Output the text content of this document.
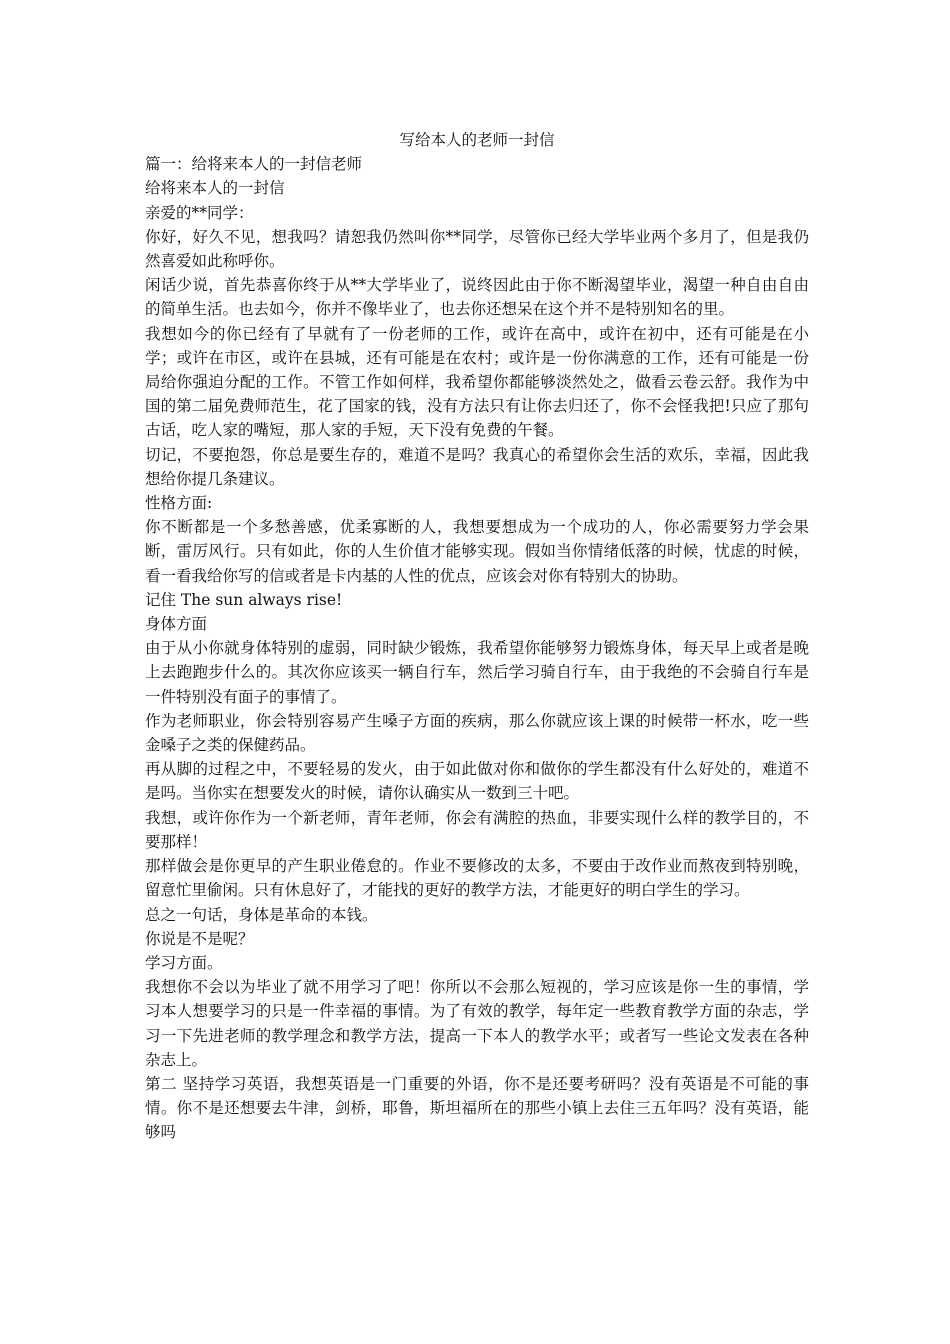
写给本人的老师一封信

篇一：给将来本人的一封信老师

给将来本人的一封信

亲爱的**同学：

你好，好久不见，想我吗？请恕我仍然叫你**同学，尽管你已经大学毕业两个多月了，但是我仍然喜爱如此称呼你。

闲话少说，首先恭喜你终于从**大学毕业了，说终因此由于你不断渴望毕业，渴望一种自由自由的简单生活。也去如今，你并不像毕业了，也去你还想呆在这个并不是特别知名的里。

我想如今的你已经有了早就有了一份老师的工作，或许在高中，或许在初中，还有可能是在小学；或许在市区，或许在县城，还有可能是在农村；或许是一份你满意的工作，还有可能是一份局给你强迫分配的工作。不管工作如何样，我希望你都能够淡然处之，做看云卷云舒。我作为中国的第二届免费师范生，花了国家的钱，没有方法只有让你去归还了，你不会怪我把!只应了那句古话，吃人家的嘴短，那人家的手短，天下没有免费的午餐。

切记，不要抱怨，你总是要生存的，难道不是吗？我真心的希望你会生活的欢乐，幸福，因此我想给你提几条建议。

性格方面:

你不断都是一个多愁善感，优柔寡断的人，我想要想成为一个成功的人，你必需要努力学会果断，雷厉风行。只有如此，你的人生价值才能够实现。假如当你情绪低落的时候，忧虑的时候，看一看我给你写的信或者是卡内基的人性的优点，应该会对你有特别大的协助。

记住 The sun always rise!

身体方面

由于从小你就身体特别的虚弱，同时缺少锻炼，我希望你能够努力锻炼身体，每天早上或者是晚上去跑跑步什么的。其次你应该买一辆自行车，然后学习骑自行车，由于我绝的不会骑自行车是一件特别没有面子的事情了。

作为老师职业，你会特别容易产生嗓子方面的疾病，那么你就应该上课的时候带一杯水，吃一些金嗓子之类的保健药品。

再从脚的过程之中，不要轻易的发火，由于如此做对你和做你的学生都没有什么好处的，难道不是吗。当你实在想要发火的时候，请你认确实从一数到三十吧。

我想，或许你作为一个新老师，青年老师，你会有满腔的热血，非要实现什么样的教学目的，不要那样！

那样做会是你更早的产生职业倦怠的。作业不要修改的太多，不要由于改作业而熬夜到特别晚，留意忙里偷闲。只有休息好了，才能找的更好的教学方法，才能更好的明白学生的学习。

总之一句话，身体是革命的本钱。

你说是不是呢？

学习方面。

我想你不会以为毕业了就不用学习了吧！你所以不会那么短视的，学习应该是你一生的事情，学习本人想要学习的只是一件幸福的事情。为了有效的教学，每年定一些教育教学方面的杂志，学习一下先进老师的教学理念和教学方法，提高一下本人的教学水平；或者写一些论文发表在各种杂志上。

第二 坚持学习英语，我想英语是一门重要的外语，你不是还要考研吗？没有英语是不可能的事情。你不是还想要去牛津，剑桥，耶鲁，斯坦福所在的那些小镇上去住三五年吗？没有英语，能够吗
